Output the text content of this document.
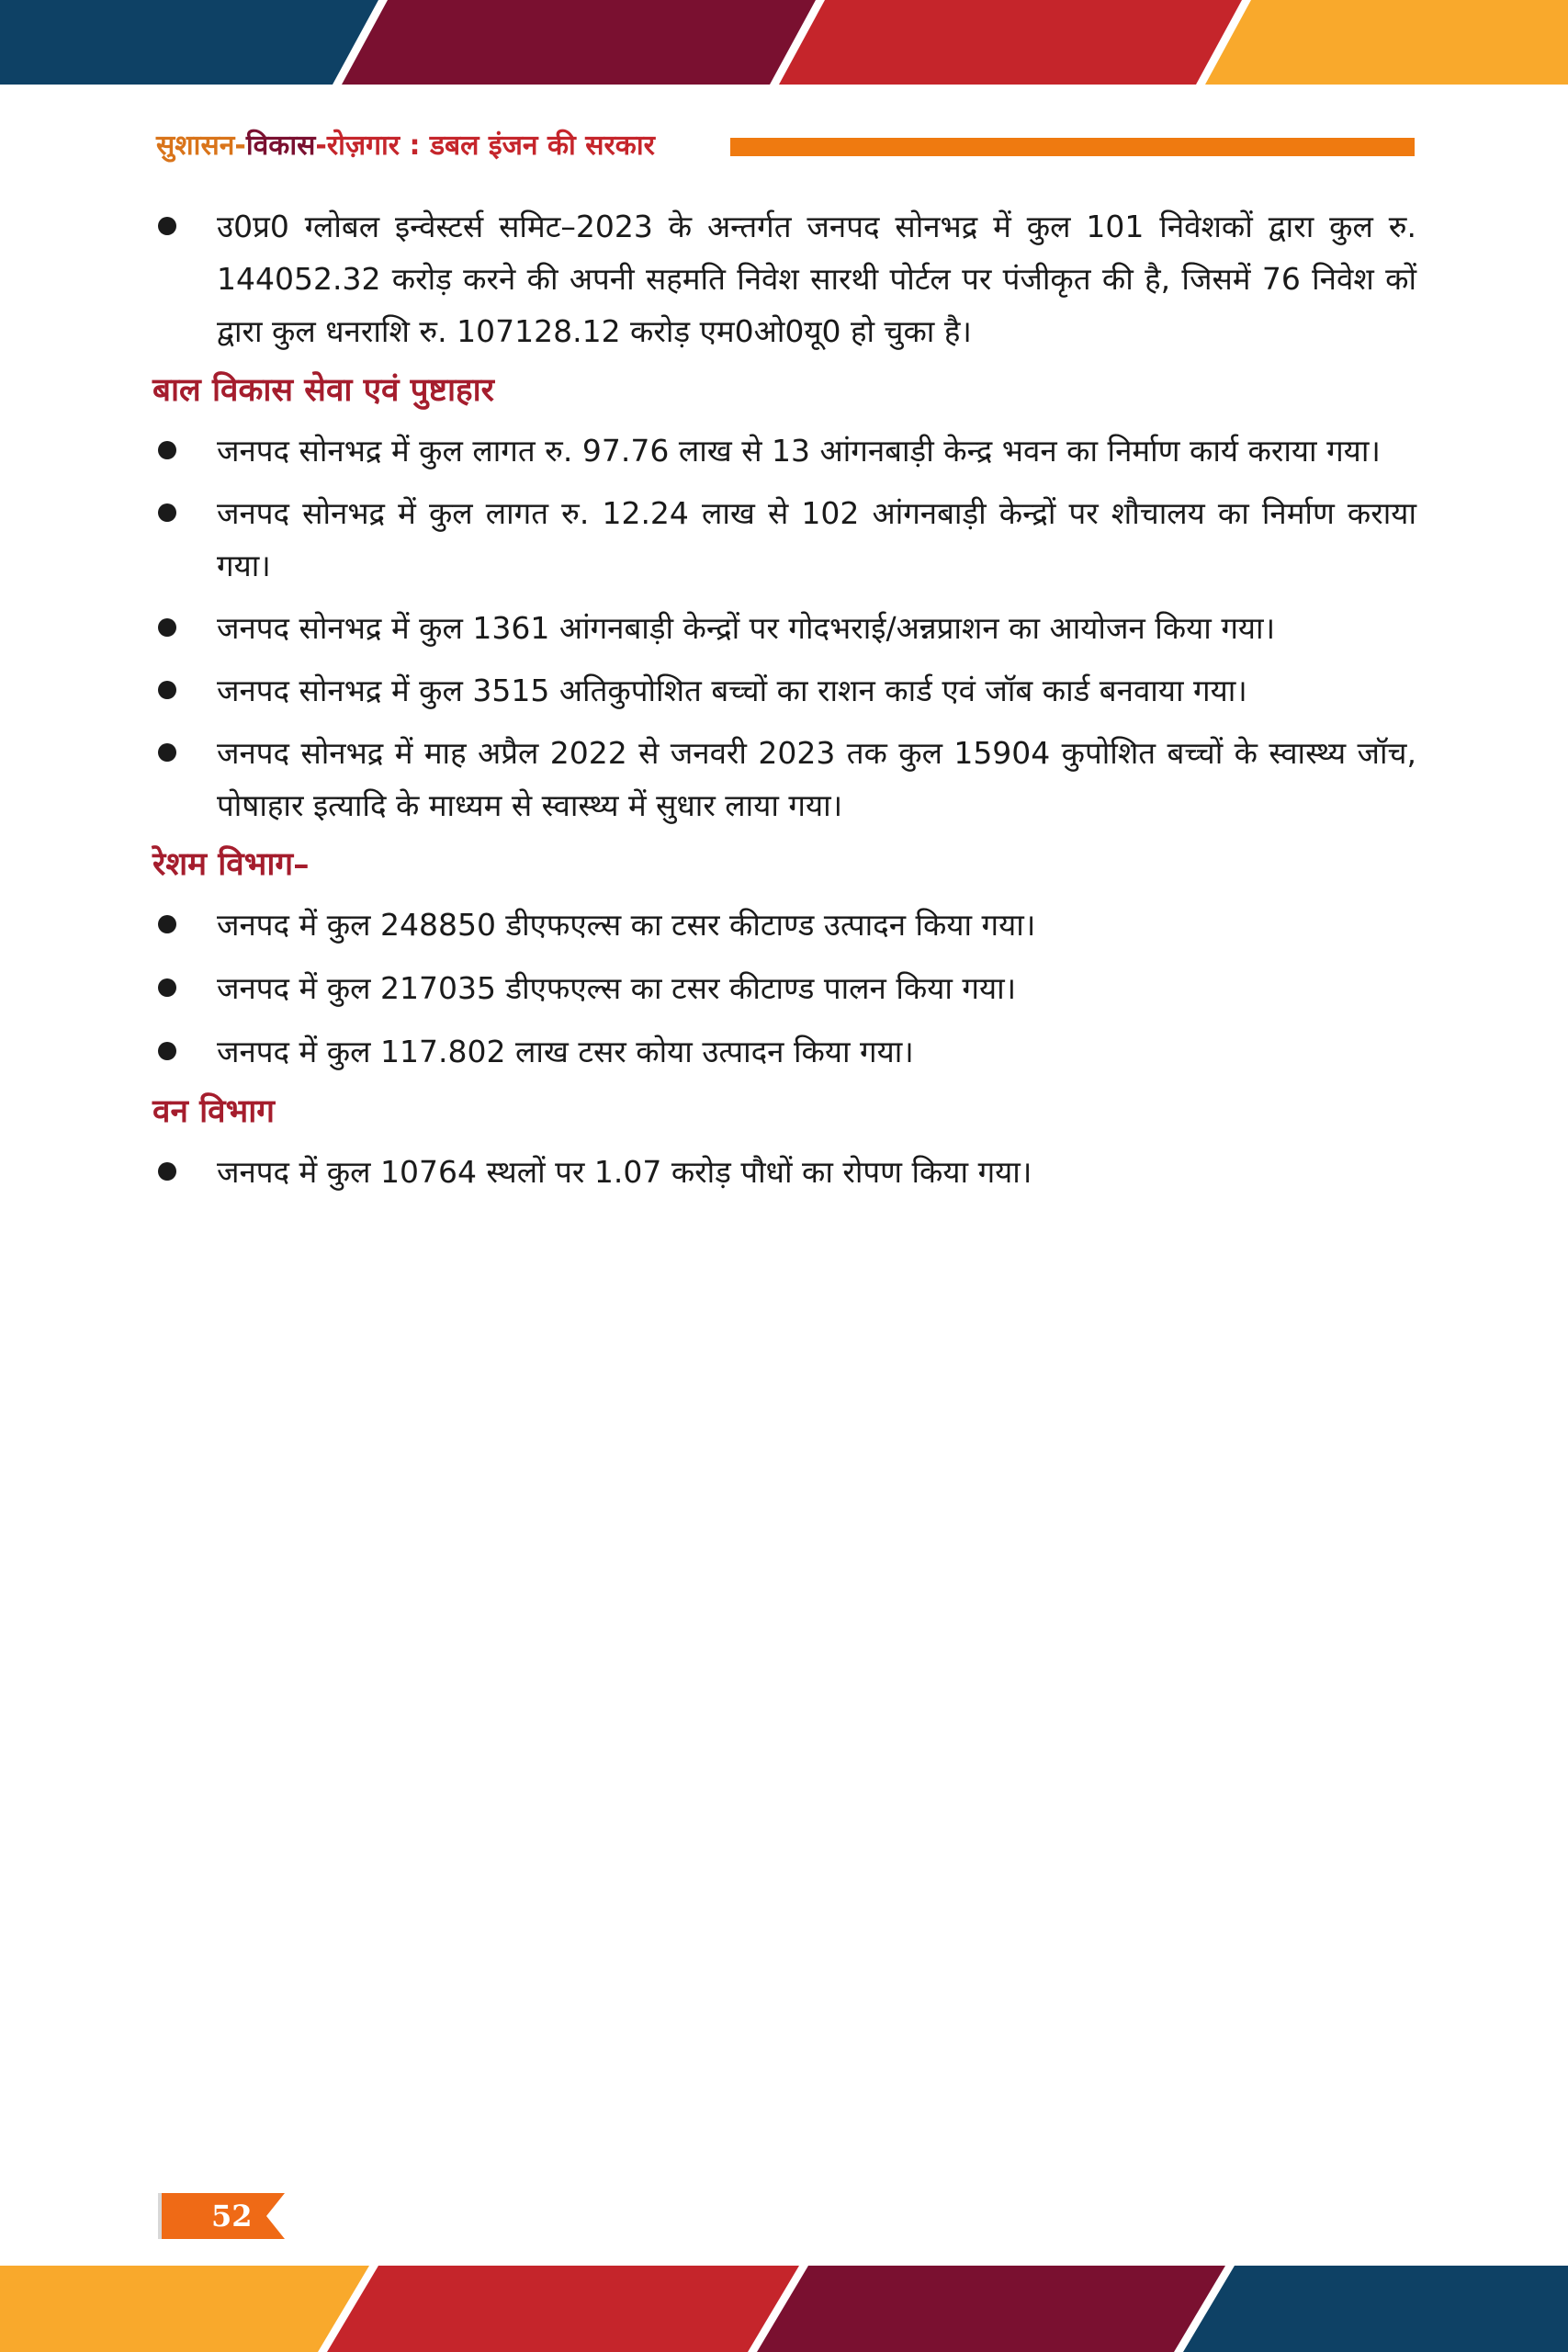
सुशासन-विकास-रोज़गार : डबल इंजन की सरकार
उ0प्र0 ग्लोबल इन्वेस्टर्स समिट–2023 के अन्तर्गत जनपद सोनभद्र में कुल 101 निवेशकों द्वारा कुल रु. 144052.32 करोड़ करने की अपनी सहमति निवेश सारथी पोर्टल पर पंजीकृत की है, जिसमें 76 निवेश कों द्वारा कुल धनराशि रु. 107128.12 करोड़ एम0ओ0यू0 हो चुका है।
बाल विकास सेवा एवं पुष्टाहार
जनपद सोनभद्र में कुल लागत रु. 97.76 लाख से 13 आंगनबाड़ी केन्द्र भवन का निर्माण कार्य कराया गया।
जनपद सोनभद्र में कुल लागत रु. 12.24 लाख से 102 आंगनबाड़ी केन्द्रों पर शौचालय का निर्माण कराया गया।
जनपद सोनभद्र में कुल 1361 आंगनबाड़ी केन्द्रों पर गोदभराई/अन्नप्राशन का आयोजन किया गया।
जनपद सोनभद्र में कुल 3515 अतिकुपोशित बच्चों का राशन कार्ड एवं जॉब कार्ड बनवाया गया।
जनपद सोनभद्र में माह अप्रैल 2022 से जनवरी 2023 तक कुल 15904 कुपोशित बच्चों के स्वास्थ्य जॉच, पोषाहार इत्यादि के माध्यम से स्वास्थ्य में सुधार लाया गया।
रेशम विभाग–
जनपद में कुल 248850 डीएफएल्स का टसर कीटाण्ड उत्पादन किया गया।
जनपद में कुल 217035 डीएफएल्स का टसर कीटाण्ड पालन किया गया।
जनपद में कुल 117.802 लाख टसर कोया उत्पादन किया गया।
वन विभाग
जनपद में कुल 10764 स्थलों पर 1.07 करोड़ पौधों का रोपण किया गया।
52
